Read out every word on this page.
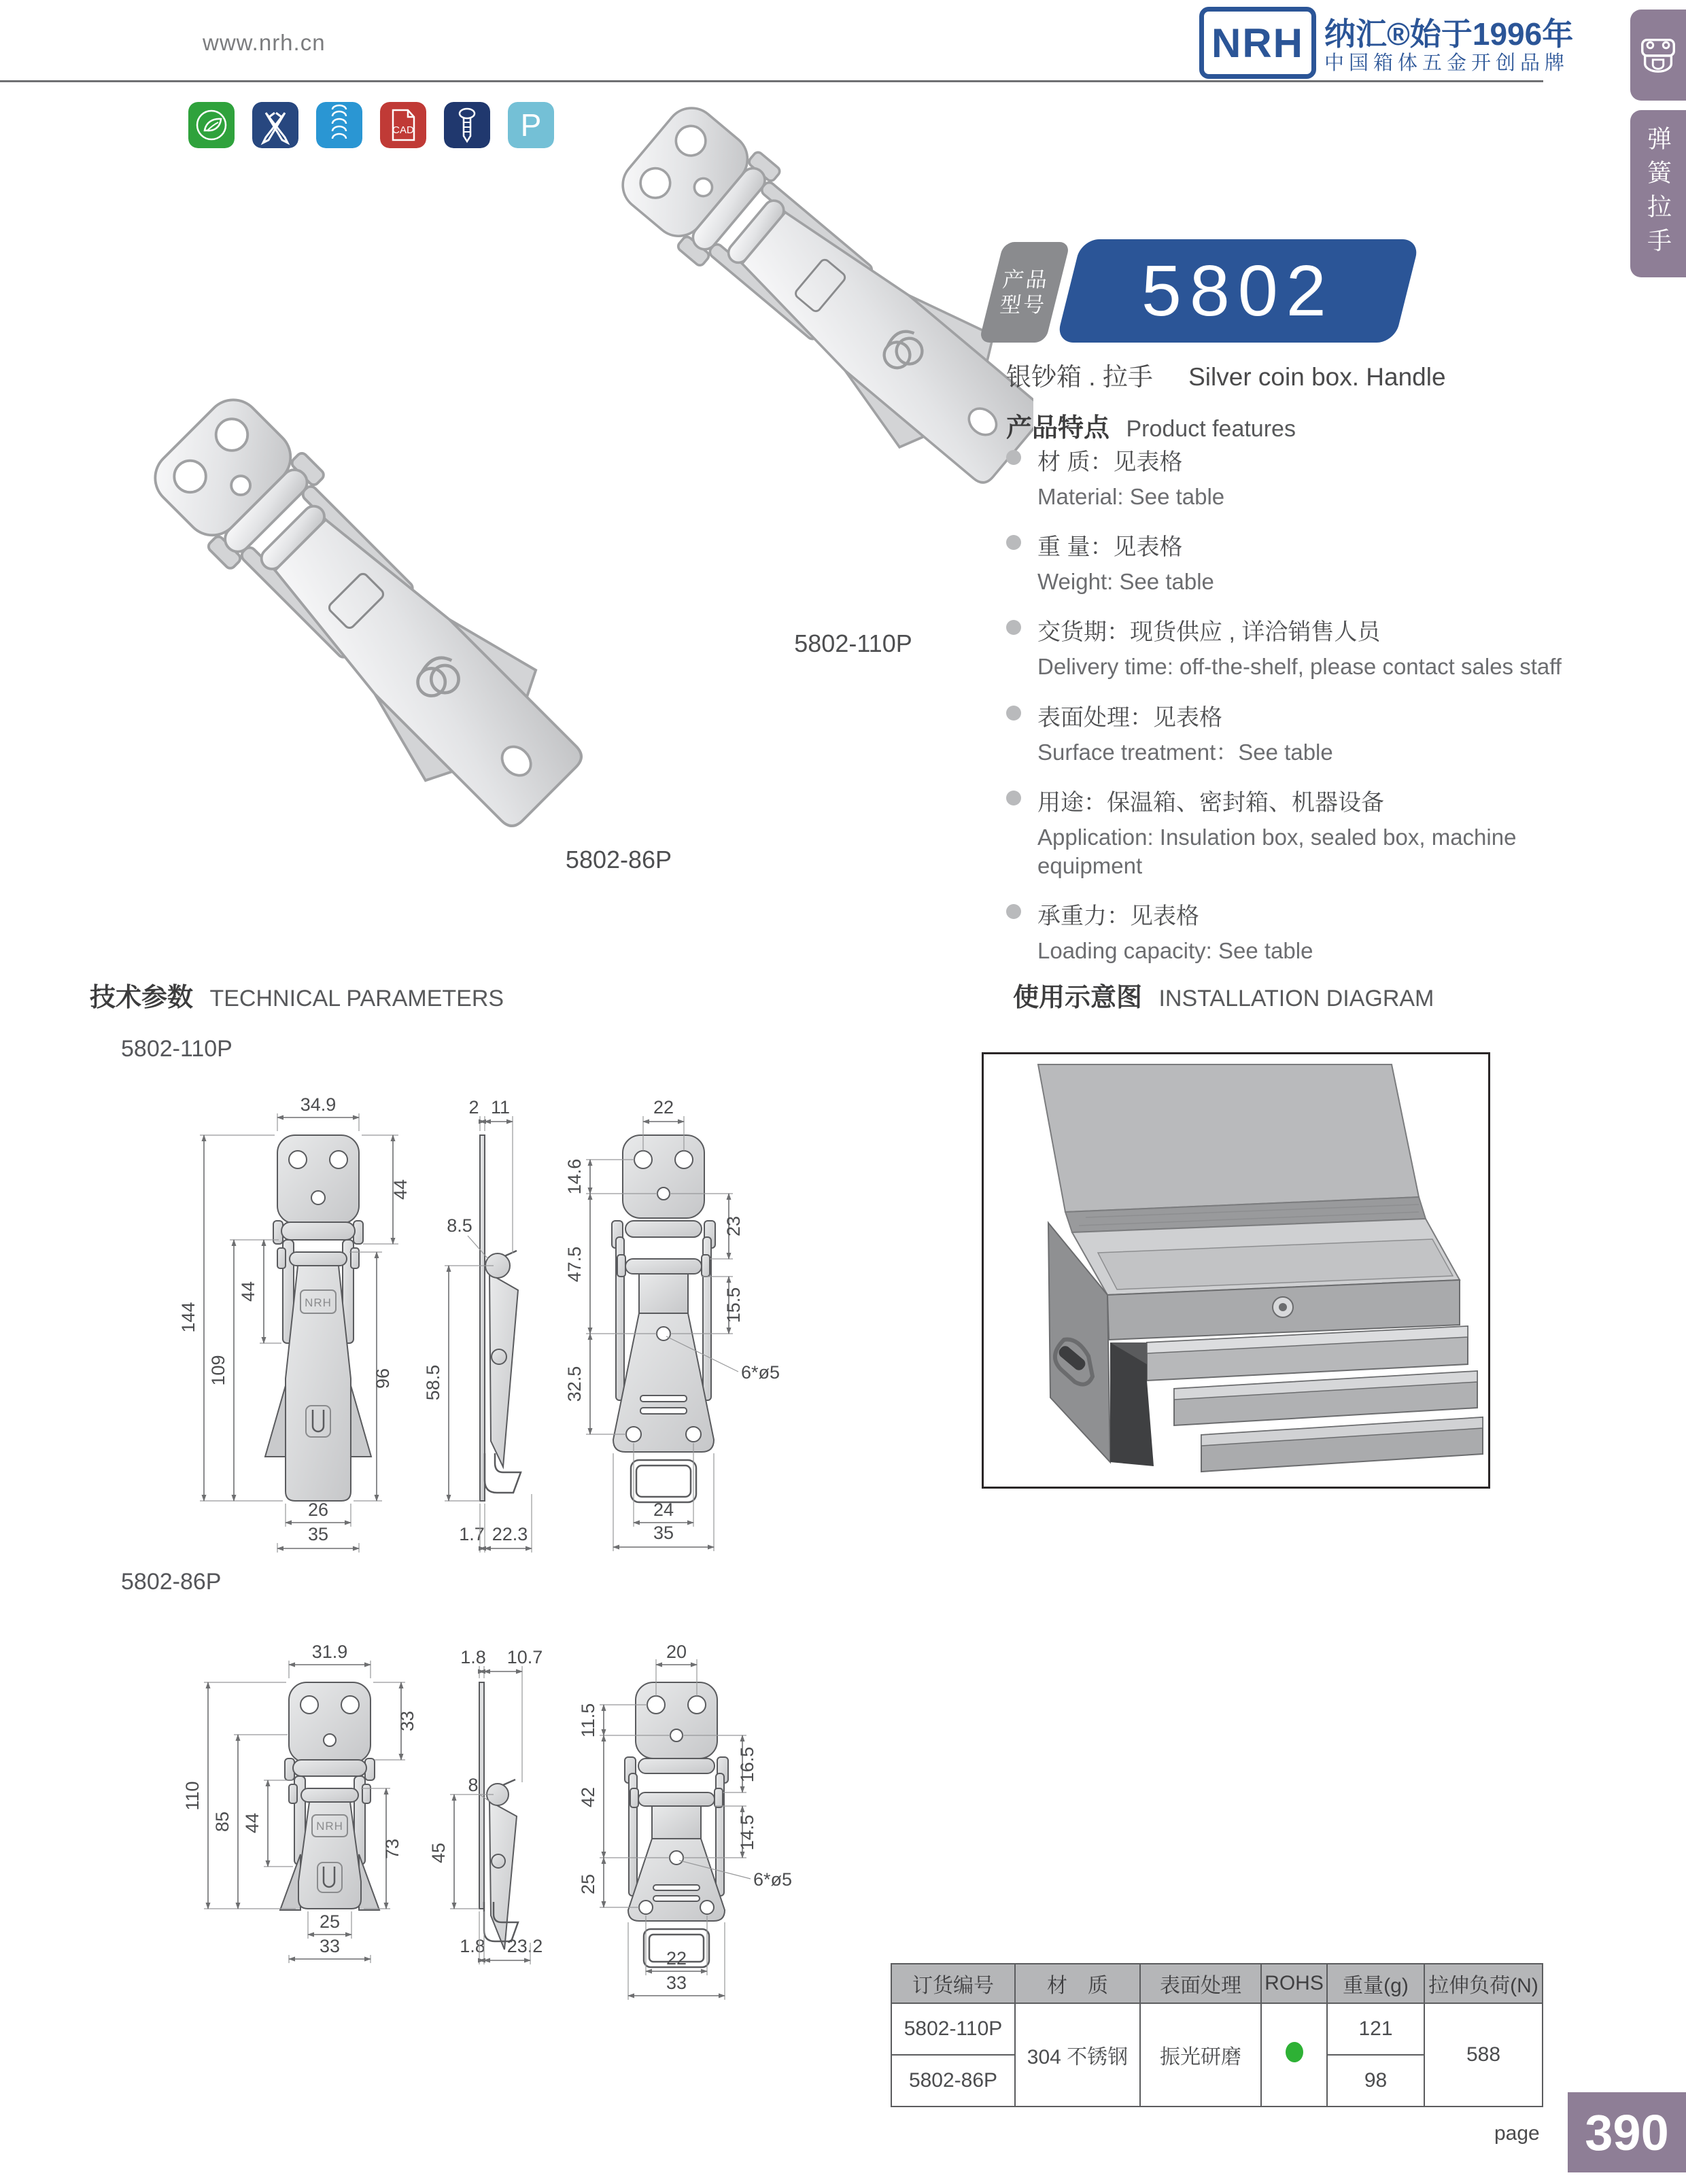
www.nrh.cn	NRH 纳汇®始于1996年
中国箱体五金开创品牌
弹簧拉手
CAD	P
5802-110P
5802-86P
产品
型号 5802
银钞箱 . 拉手 Silver coin box. Handle
产品特点 Product features
材 质：见表格
Material: See table
重 量：见表格
Weight: See table
交货期：现货供应 , 详洽销售人员
Delivery time: off-the-shelf, please contact sales staff
表面处理：见表格
Surface treatment：See table
用途：保温箱、密封箱、机器设备
Application: Insulation box, sealed box, machine equipment
承重力：见表格
Loading capacity: See table
技术参数 TECHNICAL PARAMETERS
5802-110P
NRH
34.9
44
96
144
109
44
26
35
2 11
8.5
58.5
1.7 22.3
22
14.6
47.5
32.5
23
15.5
6*ø5
24
35
5802-86P
NRH
31.9
33
110
85 44
73
25
33
1.8 10.7
8
45
1.8 23.2
20
11.5
42
25
16.5
14.5
6*ø5
22
33
使用示意图 INSTALLATION DIAGRAM
订货编号	材　质	表面处理	ROHS	重量(g)	拉伸负荷(N)
5802-110P	304 不锈钢	振光研磨		121	588
5802-86P				98	
page 390
